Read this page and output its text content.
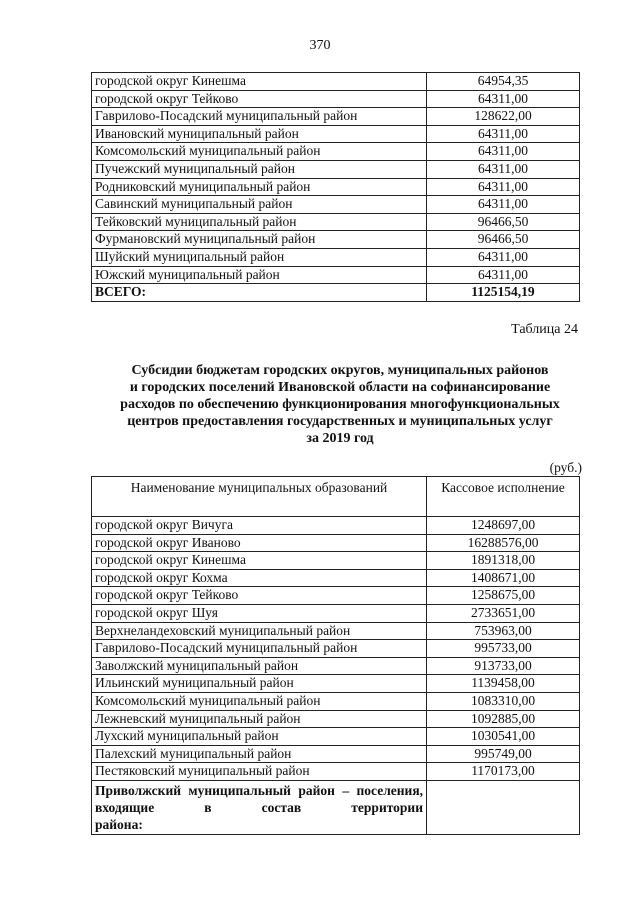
370
городской округ Кинешма	64954,35
городской округ Тейково	64311,00
Гаврилово-Посадский муниципальный район	128622,00
Ивановский муниципальный район	64311,00
Комсомольский муниципальный район	64311,00
Пучежский муниципальный район	64311,00
Родниковский муниципальный район	64311,00
Савинский муниципальный район	64311,00
Тейковский муниципальный район	96466,50
Фурмановский муниципальный район	96466,50
Шуйский муниципальный район	64311,00
Южский муниципальный район	64311,00
ВСЕГО:	1125154,19
Таблица 24
Субсидии бюджетам городских округов, муниципальных районов
и городских поселений Ивановской области на софинансирование
расходов по обеспечению функционирования многофункциональных
центров предоставления государственных и муниципальных услуг
за 2019 год
(руб.)
Наименование муниципальных образований	Кассовое исполнение
городской округ Вичуга	1248697,00
городской округ Иваново	16288576,00
городской округ Кинешма	1891318,00
городской округ Кохма	1408671,00
городской округ Тейково	1258675,00
городской округ Шуя	2733651,00
Верхнеландеховский муниципальный район	753963,00
Гаврилово-Посадский муниципальный район	995733,00
Заволжский муниципальный район	913733,00
Ильинский муниципальный район	1139458,00
Комсомольский муниципальный район	1083310,00
Лежневский муниципальный район	1092885,00
Лухский муниципальный район	1030541,00
Палехский муниципальный район	995749,00
Пестяковский муниципальный район	1170173,00
Приволжский муниципальный район – поселения, входящие в состав территории
района:	
